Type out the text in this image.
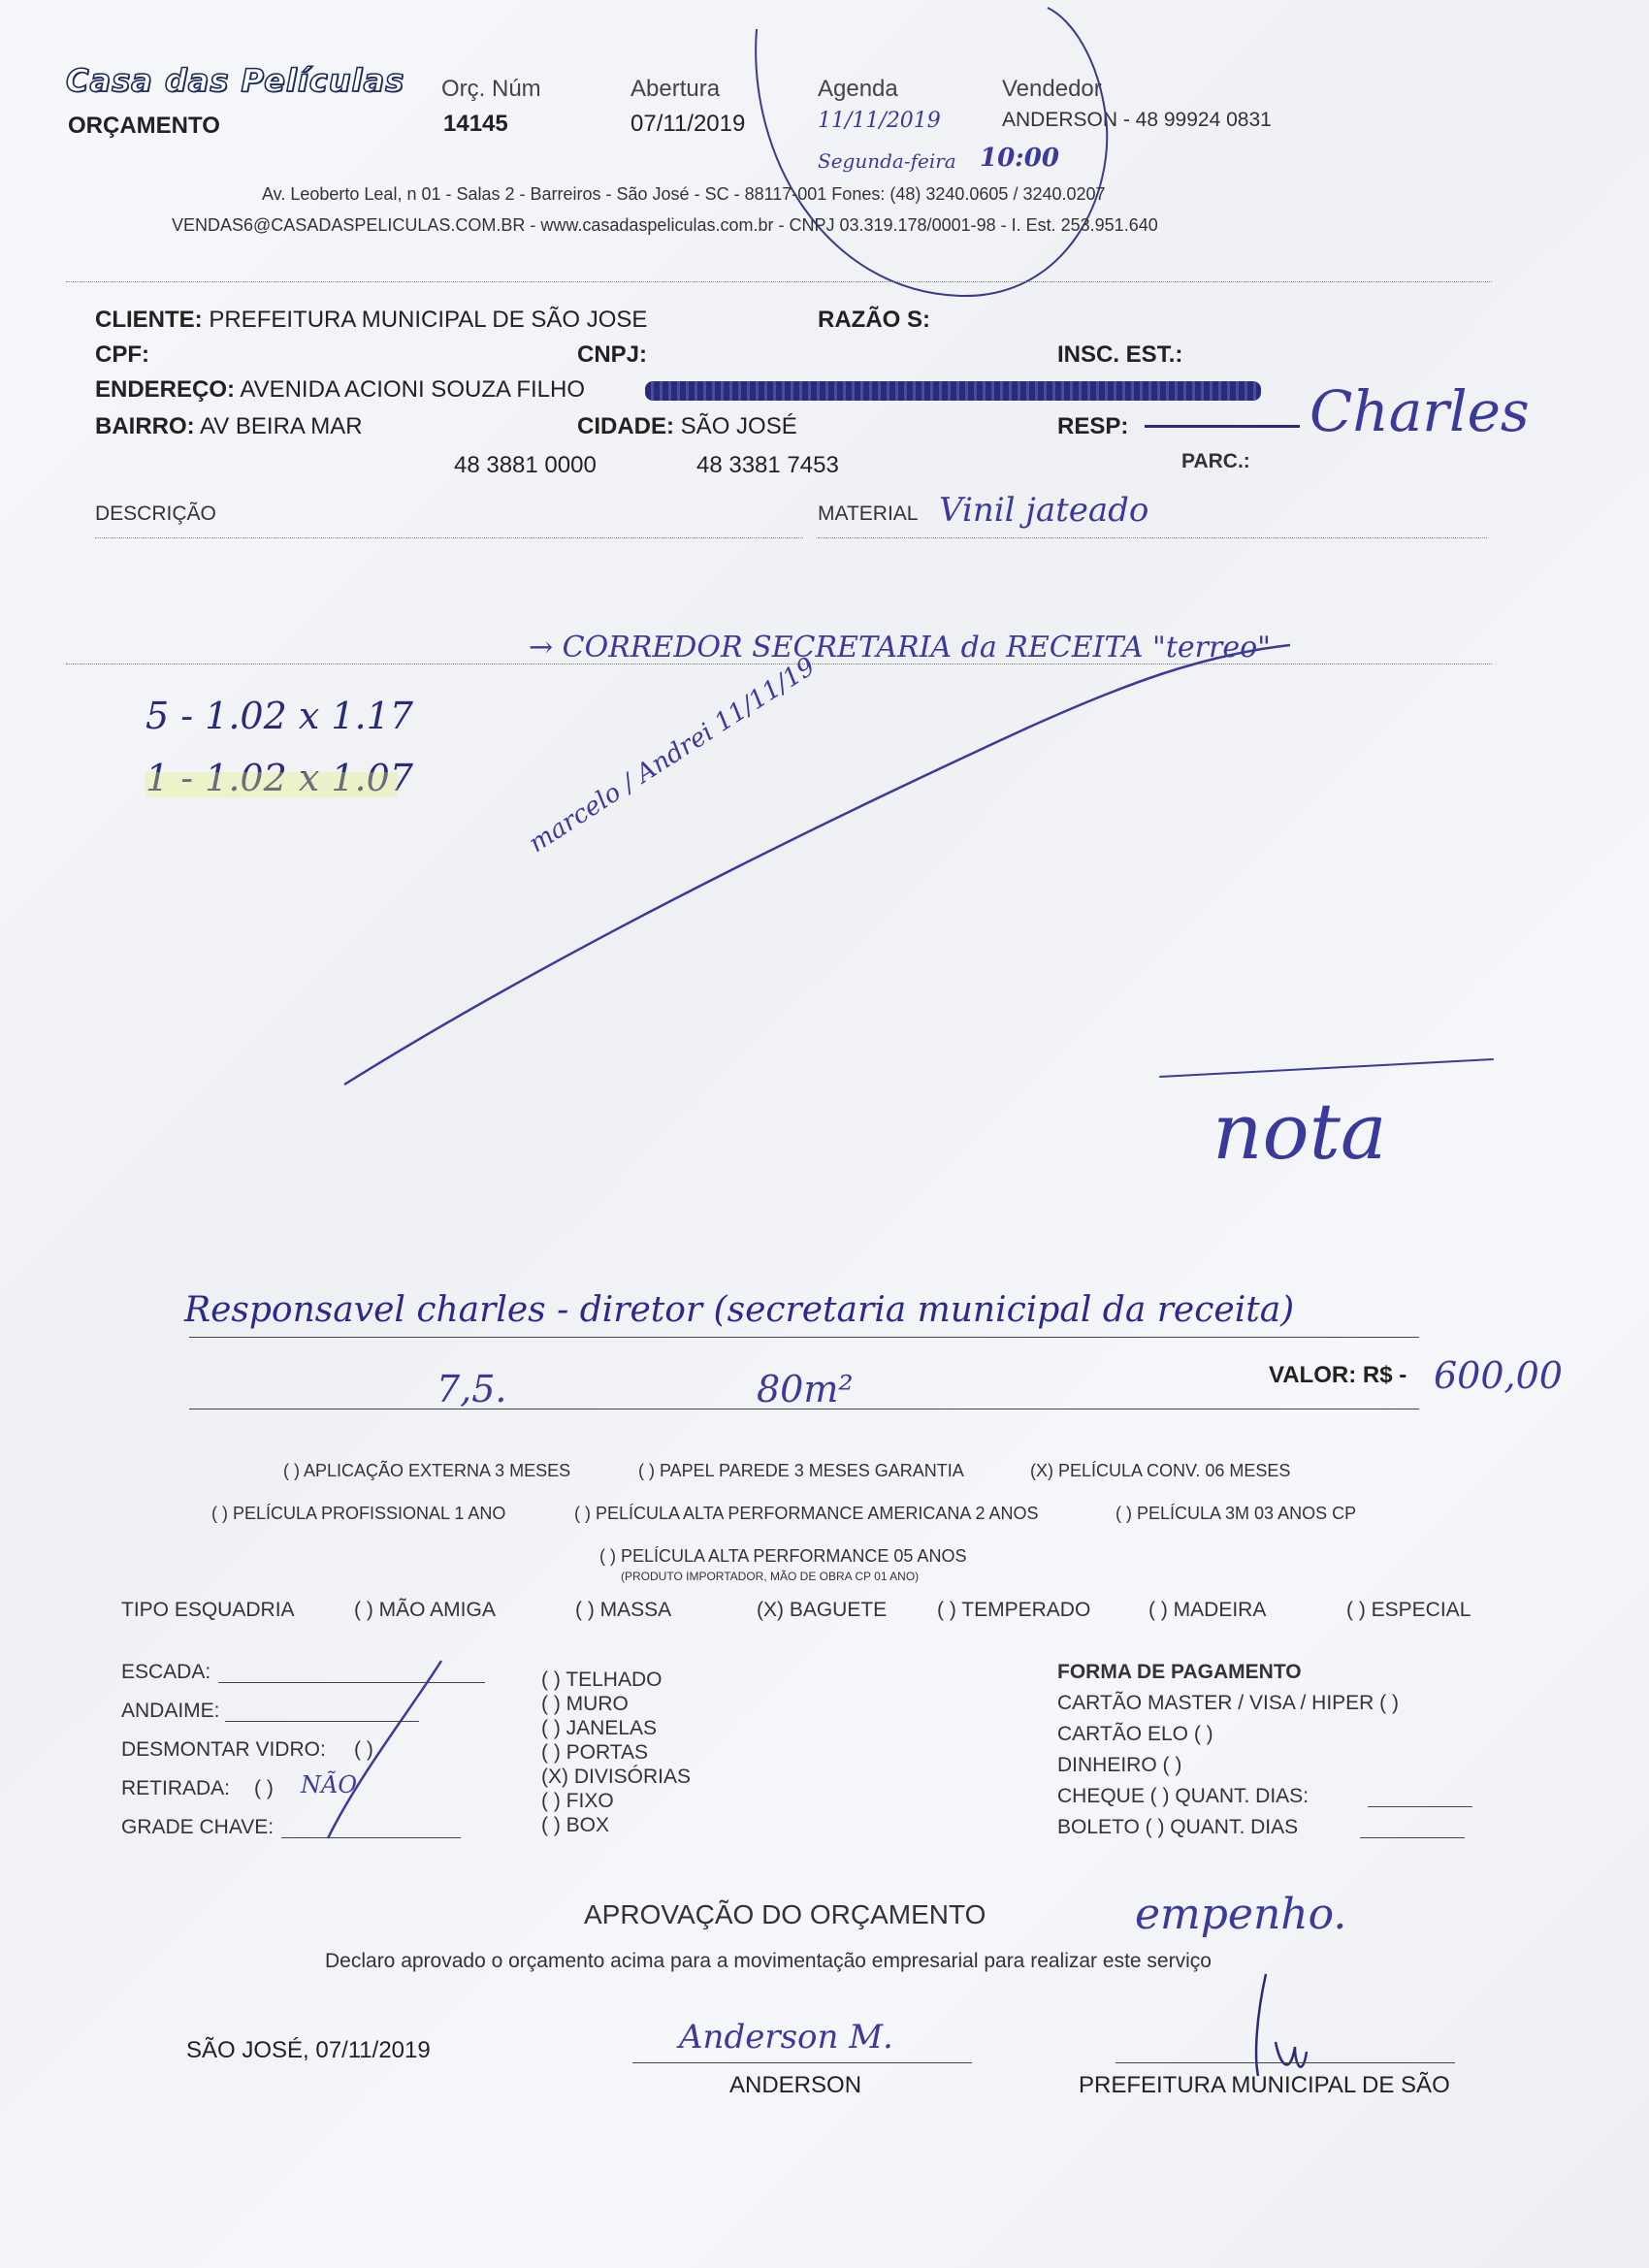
Casa das Películas
ORÇAMENTO
Orç. Núm
14145
Abertura
07/11/2019
Agenda
11/11/2019
Segunda-feira 10:00
Vendedor
ANDERSON - 48 99924 0831
Av. Leoberto Leal, n 01 - Salas 2 - Barreiros - São José - SC - 88117-001 Fones: (48) 3240.0605 / 3240.0207
VENDAS6@CASADASPELICULAS.COM.BR - www.casadaspeliculas.com.br - CNPJ 03.319.178/0001-98 - I. Est. 253.951.640
CLIENTE: PREFEITURA MUNICIPAL DE SÃO JOSE	RAZÃO S:
CPF:	CNPJ:	INSC. EST.:
ENDEREÇO: AVENIDA ACIONI SOUZA FILHO
BAIRRO: AV BEIRA MAR	CIDADE: SÃO JOSÉ	RESP:	Charles
PARC.:
48 3881 0000	48 3381 7453
DESCRIÇÃO	MATERIAL Vinil jateado
→ CORREDOR SECRETARIA da RECEITA "terreo"
5 - 1.02 x 1.17
1 - 1.02 x 1.07	marcelo / Andrei 11/11/19
nota
Responsavel charles - diretor (secretaria municipal da receita)
7,5.	80m²	VALOR: R$ - 600,00
( ) APLICAÇÃO EXTERNA 3 MESES	( ) PAPEL PAREDE 3 MESES GARANTIA	(X) PELÍCULA CONV. 06 MESES
( ) PELÍCULA PROFISSIONAL 1 ANO	( ) PELÍCULA ALTA PERFORMANCE AMERICANA 2 ANOS	( ) PELÍCULA 3M 03 ANOS CP
( ) PELÍCULA ALTA PERFORMANCE 05 ANOS
(PRODUTO IMPORTADOR, MÃO DE OBRA CP 01 ANO)
TIPO ESQUADRIA	( ) MÃO AMIGA	( ) MASSA	(X) BAGUETE ( ) TEMPERADO	( ) MADEIRA	( ) ESPECIAL
ESCADA:
ANDAIME:
DESMONTAR VIDRO: ( )
RETIRADA: ( ) NÃO
GRADE CHAVE:
( ) TELHADO
( ) MURO
( ) JANELAS
( ) PORTAS
(X) DIVISÓRIAS
( ) FIXO
( ) BOX
FORMA DE PAGAMENTO
CARTÃO MASTER / VISA / HIPER ( )
CARTÃO ELO ( )
DINHEIRO ( )
CHEQUE ( ) QUANT. DIAS:
BOLETO ( ) QUANT. DIAS
APROVAÇÃO DO ORÇAMENTO	empenho.
Declaro aprovado o orçamento acima para a movimentação empresarial para realizar este serviço
SÃO JOSÉ, 07/11/2019	Anderson M.
ANDERSON	PREFEITURA MUNICIPAL DE SÃO
